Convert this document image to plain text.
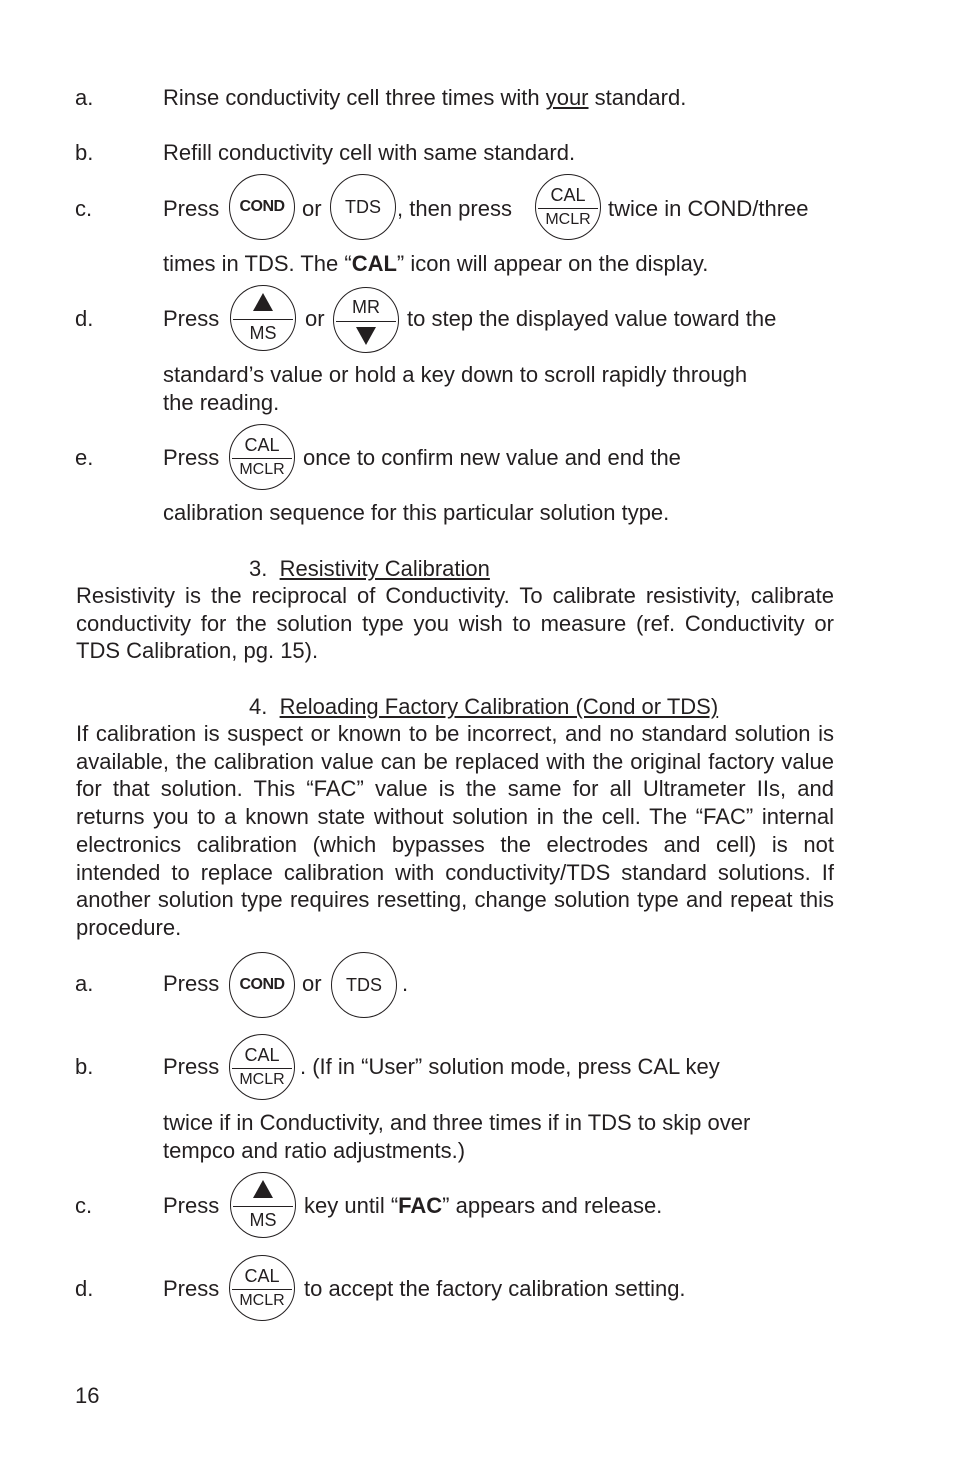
a.	Rinse conductivity cell three times with your standard.
b.	Refill conductivity cell with same standard.
c.	Press	COND or	TDS , then press
CAL
MCLR twice in COND/three
times in TDS. The “CAL” icon will appear on the display.
d.	Press
MS
or	MR	to step the displayed value toward the
standard’s value or hold a key down to scroll rapidly through
the reading.
e.	Press	CAL
MCLR once to confirm new value and end the
calibration sequence for this particular solution type.
3. Resistivity Calibration
Resistivity is the reciprocal of Conductivity. To calibrate resistivity, calibrate conductivity for the solution type you wish to measure (ref. Conductivity or TDS Calibration, pg. 15).
4. Reloading Factory Calibration (Cond or TDS)
If calibration is suspect or known to be incorrect, and no standard solution is available, the calibration value can be replaced with the original factory value for that solution. This “FAC” value is the same for all Ultrameter IIs, and returns you to a known state without solution in the cell. The “FAC” internal electronics calibration (which bypasses the electrodes and cell) is not intended to replace calibration with conductivity/TDS standard solutions. If another solution type requires resetting, change solution type and repeat this procedure.
a.	Press	COND or	TDS .
b.	Press	CAL
MCLR
. (If in “User” solution mode, press CAL key
twice if in Conductivity, and three times if in TDS to skip over
tempco and ratio adjustments.)
c.	Press
MS
key until “FAC” appears and release.
d.	Press	CAL
MCLR to accept the factory calibration setting.
16
